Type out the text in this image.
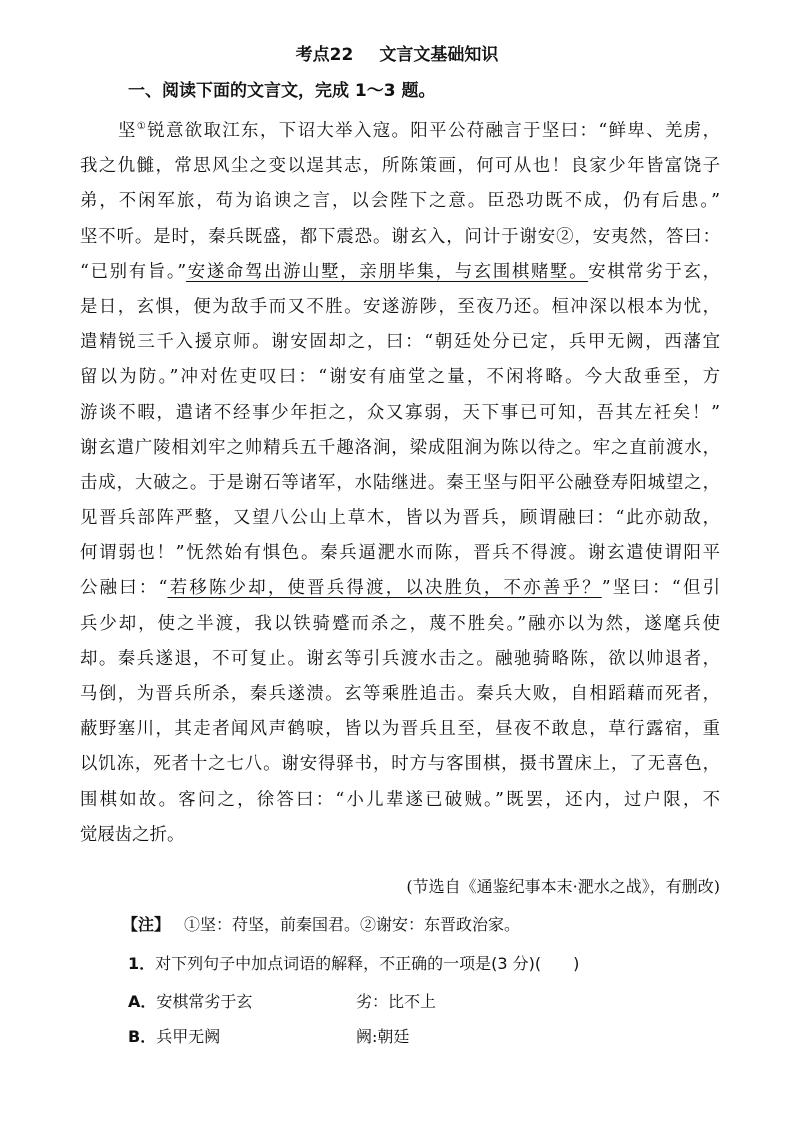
考点22 文言文基础知识
一、阅读下面的文言文，完成 1～3 题。
坚①锐意欲取江东，下诏大举入寇。阳平公苻融言于坚曰：“鲜卑、羌虏，
我之仇雠，常思风尘之变以逞其志，所陈策画，何可从也！良家少年皆富饶子
弟，不闲军旅，苟为谄谀之言，以会陛下之意。臣恐功既不成，仍有后患。”
坚不听。是时，秦兵既盛，都下震恐。谢玄入，问计于谢安②，安夷然，答曰：
“已别有旨。”安遂命驾出游山墅，亲朋毕集，与玄围棋赌墅。安棋常劣于玄，
是日，玄惧，便为敌手而又不胜。安遂游陟，至夜乃还。桓冲深以根本为忧，
遣精锐三千入援京师。谢安固却之，曰：“朝廷处分已定，兵甲无阙，西藩宜
留以为防。”冲对佐吏叹曰：“谢安有庙堂之量，不闲将略。今大敌垂至，方
游谈不暇，遣诸不经事少年拒之，众又寡弱，天下事已可知，吾其左衽矣！”
谢玄遣广陵相刘牢之帅精兵五千趣洛涧，梁成阻涧为陈以待之。牢之直前渡水，
击成，大破之。于是谢石等诸军，水陆继进。秦王坚与阳平公融登寿阳城望之，
见晋兵部阵严整，又望八公山上草木，皆以为晋兵，顾谓融曰：“此亦勍敌，
何谓弱也！”怃然始有惧色。秦兵逼淝水而陈，晋兵不得渡。谢玄遣使谓阳平
公融曰：“若移陈少却，使晋兵得渡，以决胜负，不亦善乎？”坚曰：“但引
兵少却，使之半渡，我以铁骑蹙而杀之，蔑不胜矣。”融亦以为然，遂麾兵使
却。秦兵遂退，不可复止。谢玄等引兵渡水击之。融驰骑略陈，欲以帅退者，
马倒，为晋兵所杀，秦兵遂溃。玄等乘胜追击。秦兵大败，自相蹈藉而死者，
蔽野塞川，其走者闻风声鹤唳，皆以为晋兵且至，昼夜不敢息，草行露宿，重
以饥冻，死者十之七八。谢安得驿书，时方与客围棋，摄书置床上，了无喜色，
围棋如故。客问之，徐答曰：“小儿辈遂已破贼。”既罢，还内，过户限，不
觉屐齿之折。
(节选自《通鉴纪事本末·淝水之战》，有删改)
【注】 ①坚：苻坚，前秦国君。②谢安：东晋政治家。
1．对下列句子中加点词语的解释，不正确的一项是(3 分)(　　)
A．安棋常劣于玄	劣：比不上
B．兵甲无阙	阙:朝廷
